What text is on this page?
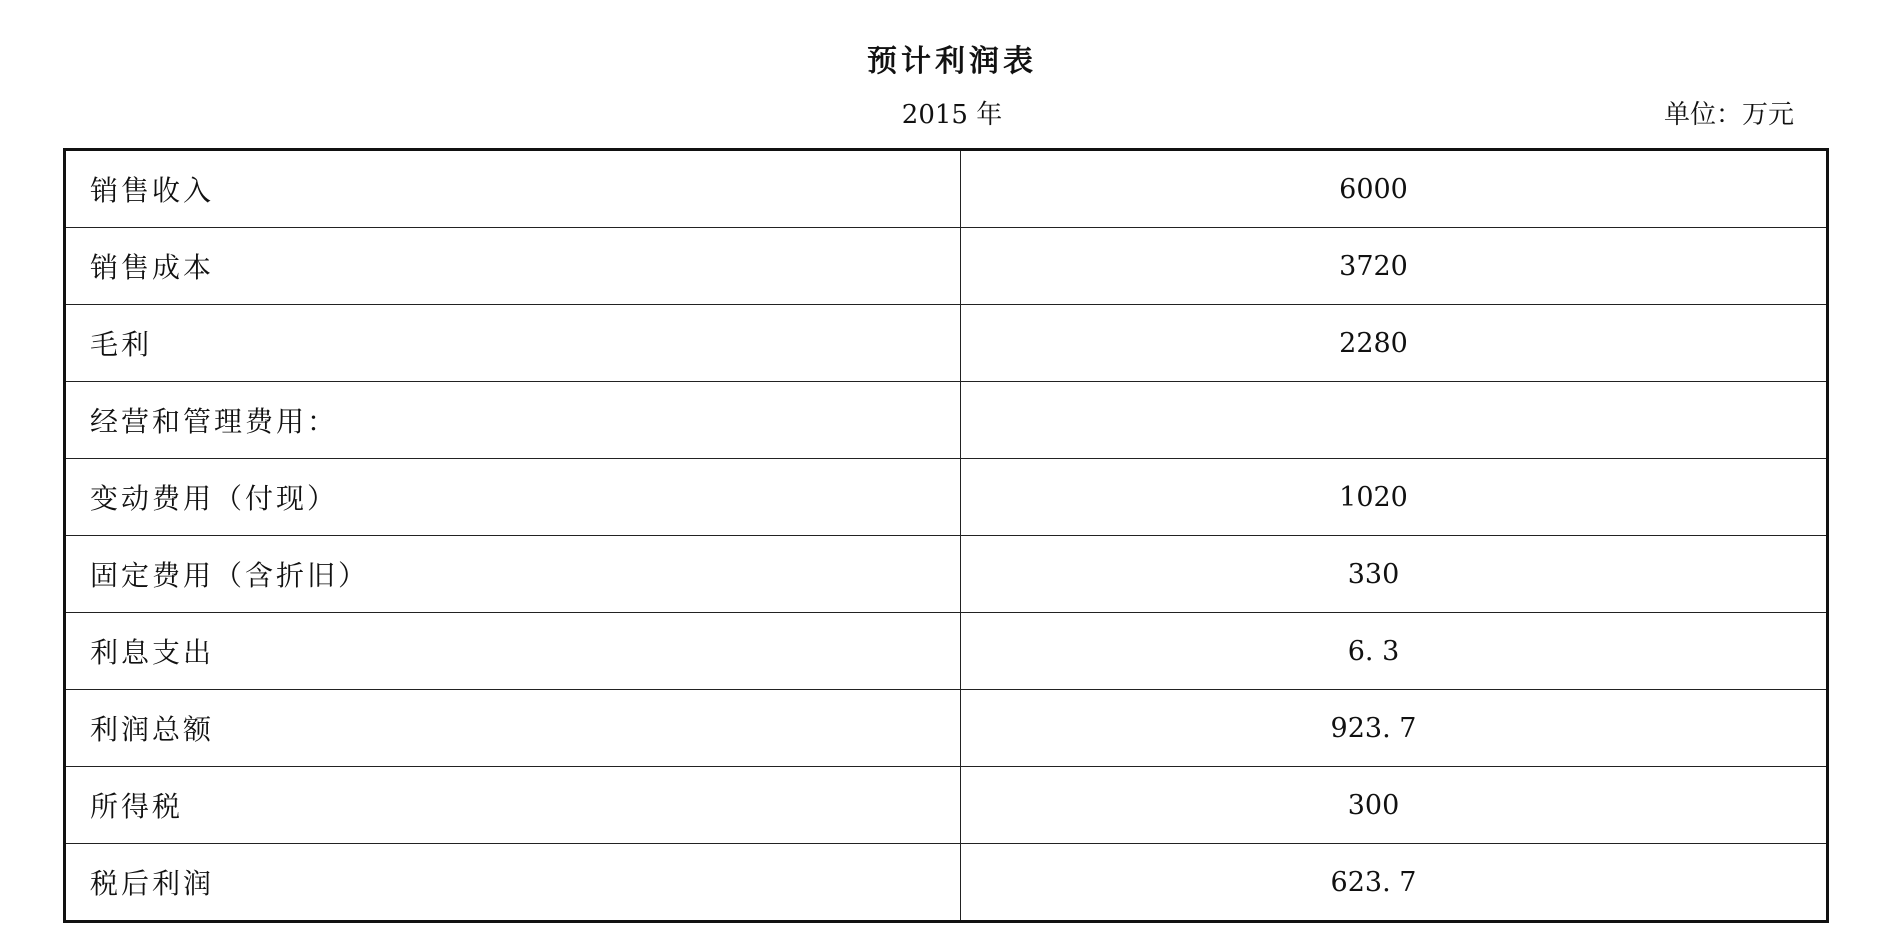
预计利润表
2015 年	单位：万元
销售收入	6000
销售成本	3720
毛利	2280
经营和管理费用：	
变动费用（付现）	1020
固定费用（含折旧）	330
利息支出	6. 3
利润总额	923. 7
所得税	300
税后利润	623. 7
